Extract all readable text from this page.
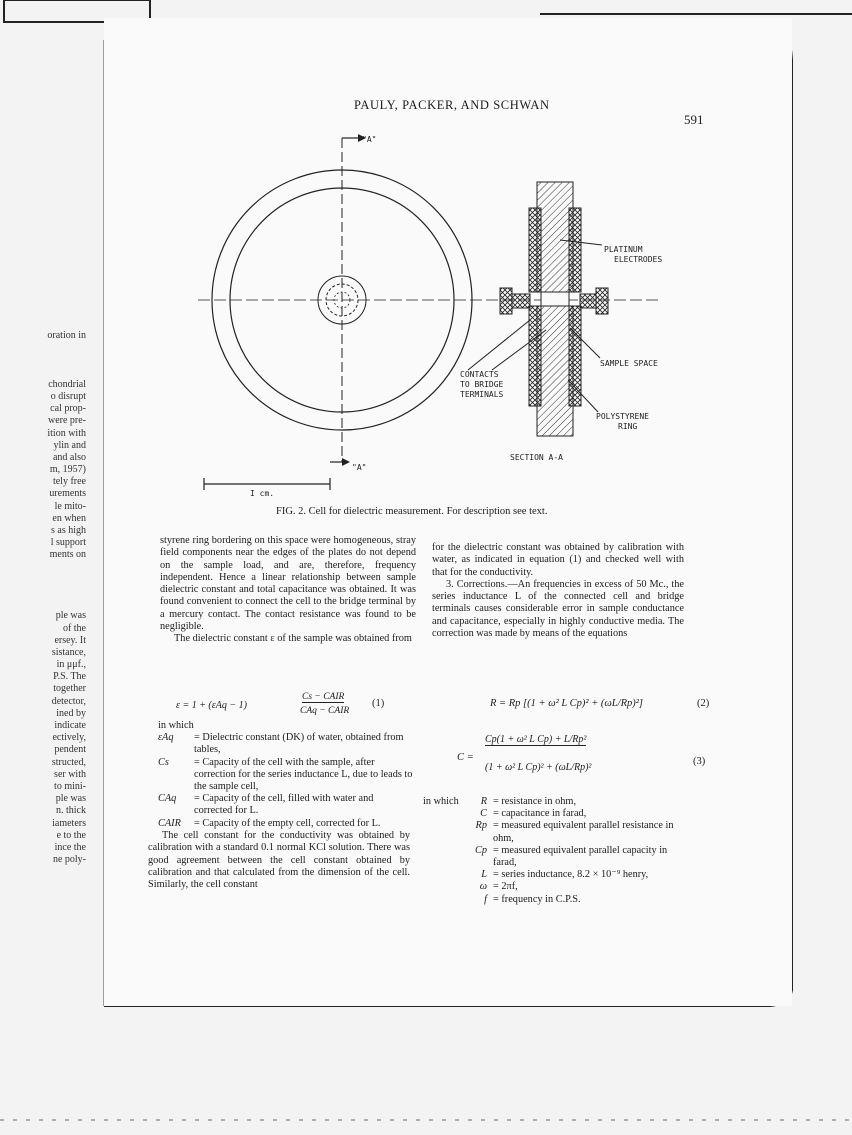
PAULY, PACKER, AND SCHWAN
591
oration in
chondrial
o disrupt
cal prop-
were pre-
ition with
ylin and
and also
m, 1957)
tely free
urements
le mito-
en when
s as high
l support
ments on
ple was
of the
ersey. It
sistance,
in μμf.,
P.S. The
together
detector,
ined by
indicate
ectively,
pendent
structed,
ser with
to mini-
ple was
n. thick
iameters
e to the
ince the
ne poly-
"A"
"A"
PLATINUM
ELECTRODES
SAMPLE SPACE
CONTACTS
TO BRIDGE
TERMINALS
POLYSTYRENE
RING
SECTION A-A
I cm.
FIG. 2. Cell for dielectric measurement. For description see text.

styrene ring bordering on this space were homogeneous, stray field components near the edges of the plates do not depend on the sample load, and are, therefore, frequency independent. Hence a linear relationship between sample dielectric constant and total capacitance was obtained. It was found convenient to connect the cell to the bridge terminal by a mercury contact. The contact resistance was found to be negligible.

The dielectric constant ε of the sample was obtained from

for the dielectric constant was obtained by calibration with water, as indicated in equation (1) and checked well with that for the conductivity.

3. Corrections.—An frequencies in excess of 50 Mc., the series inductance L of the connected cell and bridge terminals causes considerable error in sample conductance and capacitance, especially in highly conductive media. The correction was made by means of the equations

ε = 1 + (εAq − 1)
Cs − CAIR
CAq − CAIR
(1)	R = Rp [(1 + ω² L Cp)² + (ωL/Rp)²]	(2)
C =
Cp(1 + ω² L Cp) + L/Rp²
(1 + ω² L Cp)² + (ωL/Rp)²
(3)
in which
εAq	= Dielectric constant (DK) of water, obtained from tables,
Cs	= Capacity of the cell with the sample, after correction for the series inductance L, due to leads to the sample cell,
CAq	= Capacity of the cell, filled with water and corrected for L.
CAIR	= Capacity of the empty cell, corrected for L.
The cell constant for the conductivity was obtained by calibration with a standard 0.1 normal KCl solution. There was good agreement between the cell constant obtained by calibration and that calculated from the dimension of the cell. Similarly, the cell constant
in which	R = resistance in ohm,
C = capacitance in farad,
Rp = measured equivalent parallel resistance in ohm,
Cp = measured equivalent parallel capacity in farad,
L = series inductance, 8.2 × 10⁻⁹ henry,
ω = 2πf,
f = frequency in C.P.S.
